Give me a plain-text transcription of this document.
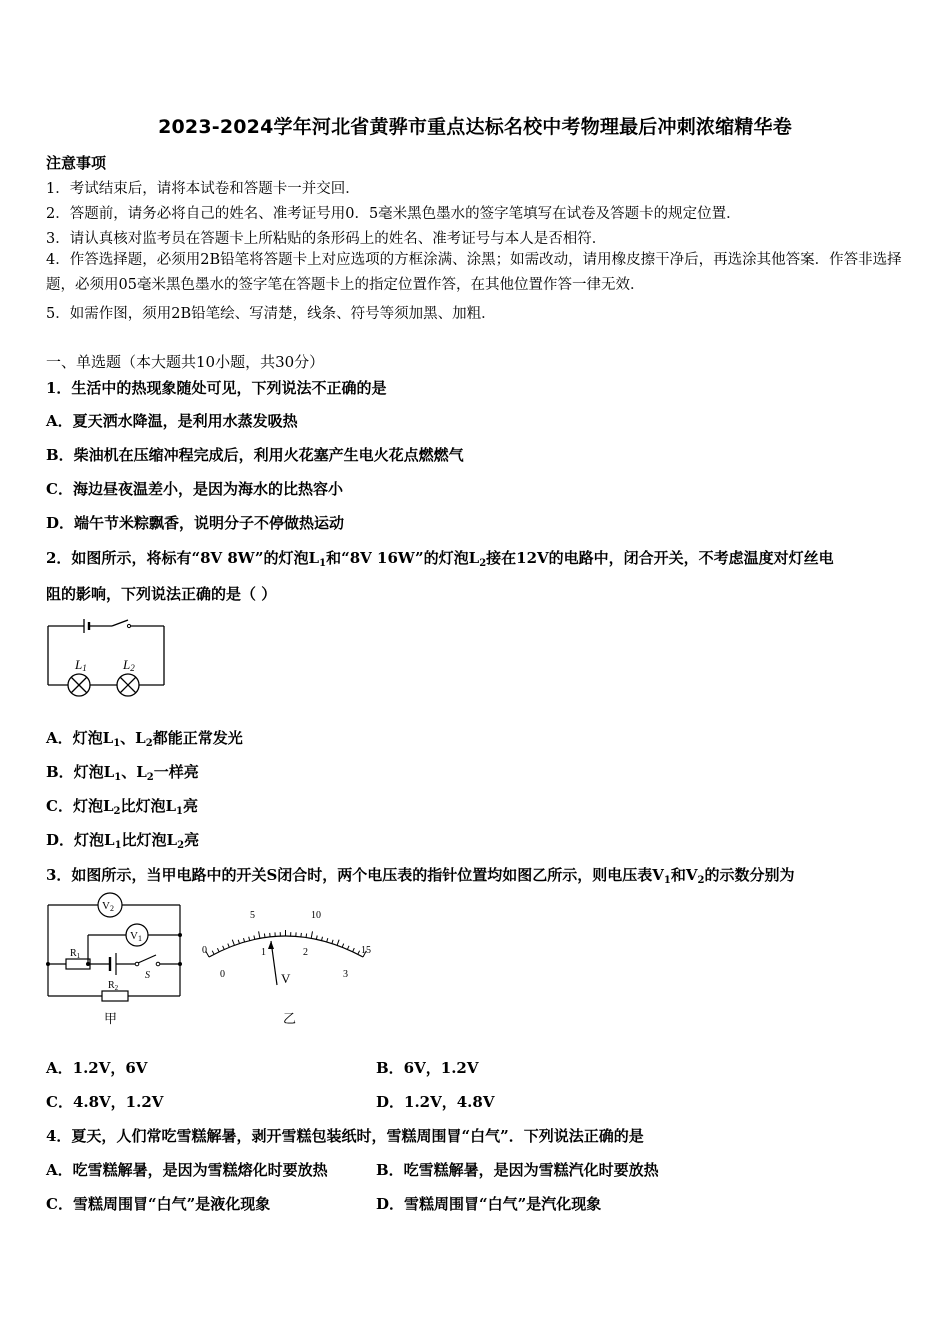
2023-2024学年河北省黄骅市重点达标名校中考物理最后冲刺浓缩精华卷
注意事项
1．考试结束后，请将本试卷和答题卡一并交回．
2．答题前，请务必将自己的姓名、准考证号用0．5毫米黑色墨水的签字笔填写在试卷及答题卡的规定位置．
3．请认真核对监考员在答题卡上所粘贴的条形码上的姓名、准考证号与本人是否相符．
4．作答选择题，必须用2B铅笔将答题卡上对应选项的方框涂满、涂黑；如需改动，请用橡皮擦干净后，再选涂其他答案．作答非选择题，必须用05毫米黑色墨水的签字笔在答题卡上的指定位置作答，在其他位置作答一律无效．
5．如需作图，须用2B铅笔绘、写清楚，线条、符号等须加黑、加粗．
一、单选题（本大题共10小题，共30分）
1．生活中的热现象随处可见，下列说法不正确的是
A．夏天洒水降温，是利用水蒸发吸热
B．柴油机在压缩冲程完成后，利用火花塞产生电火花点燃燃气
C．海边昼夜温差小，是因为海水的比热容小
D．端午节米粽飘香，说明分子不停做热运动
2．如图所示，将标有“8V 8W”的灯泡$L_1$和“8V 16W”的灯泡$L_2$接在12V的电路中，闭合开关，不考虑温度对灯丝电
阻的影响，下列说法正确的是（ ）
L1	L2
A．灯泡$L_1$、$L_2$都能正常发光
B．灯泡$L_1$、$L_2$一样亮
C．灯泡$L_2$比灯泡$L_1$亮
D．灯泡$L_1$比灯泡$L_2$亮
3．如图所示，当甲电路中的开关S闭合时，两个电压表的指针位置均如图乙所示，则电压表$V_1$和$V_2$的示数分别为
V2
V1
$R_1$
S
$R_2$
甲
0
5	10
15
0
1	2
3
V
乙
A．1.2V，6V	B．6V，1.2V
C．4.8V，1.2V	D．1.2V，4.8V
4．夏天，人们常吃雪糕解暑，剥开雪糕包装纸时，雪糕周围冒“白气”．下列说法正确的是
A．吃雪糕解暑，是因为雪糕熔化时要放热	B．吃雪糕解暑，是因为雪糕汽化时要放热
C．雪糕周围冒“白气”是液化现象	D．雪糕周围冒“白气”是汽化现象
